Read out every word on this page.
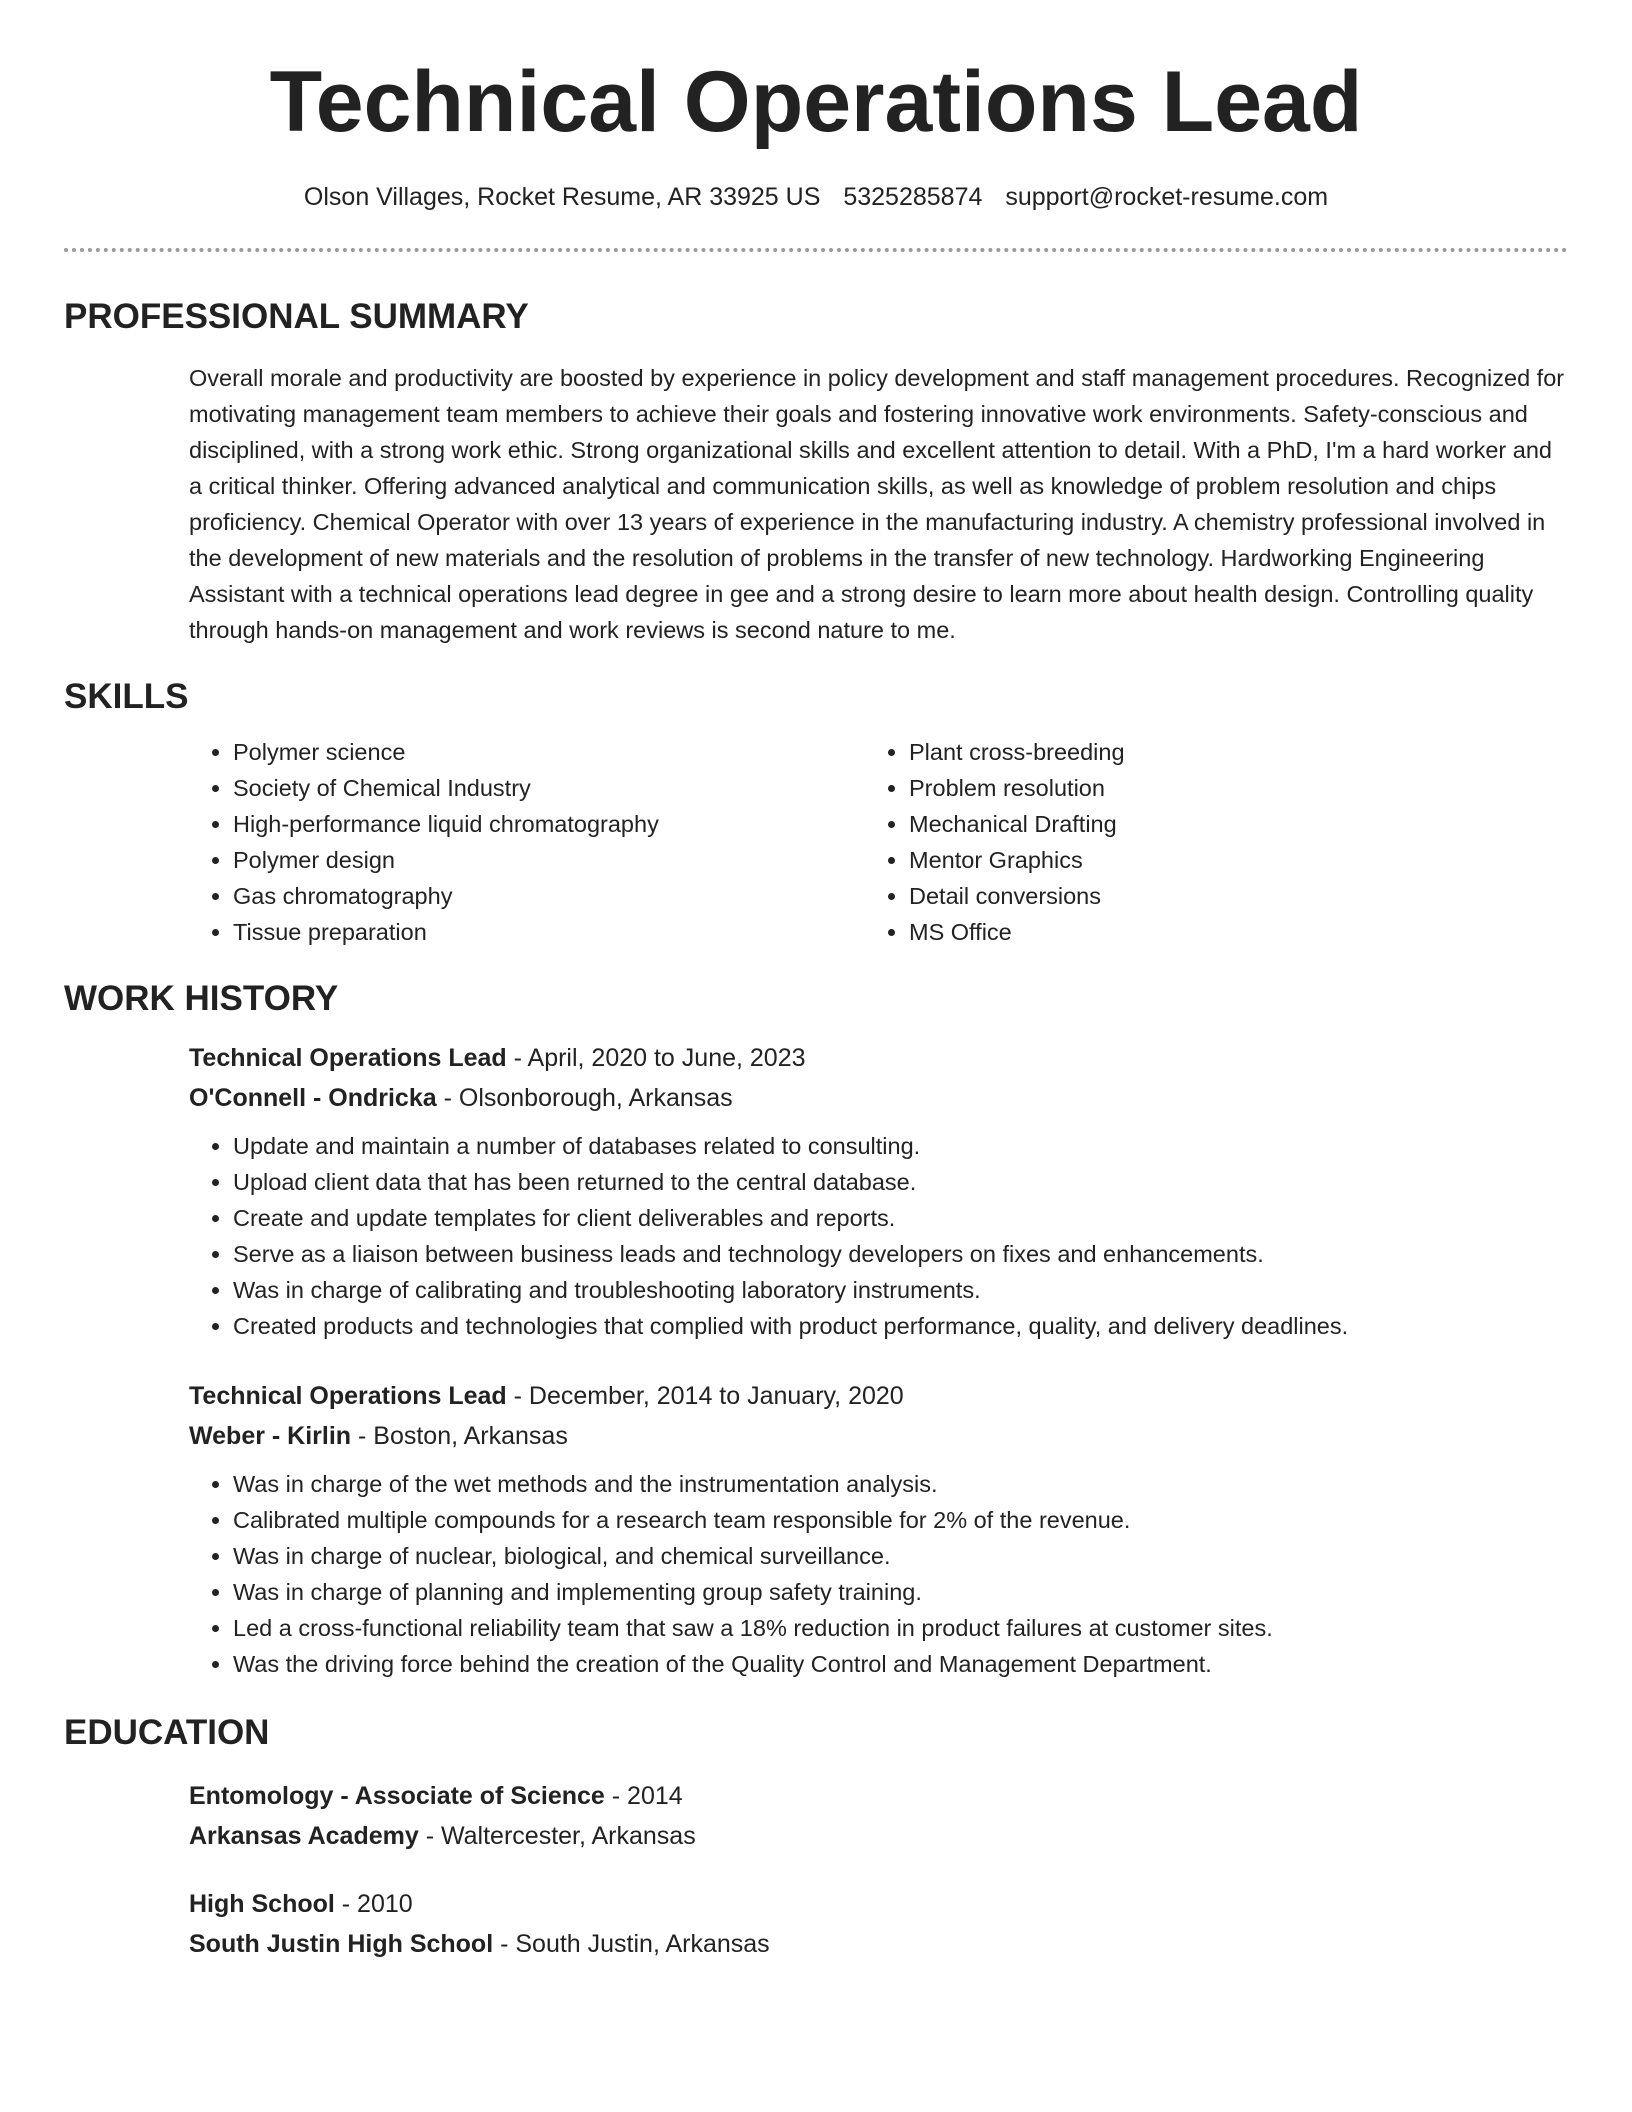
Technical Operations Lead
Olson Villages, Rocket Resume, AR 33925 US 5325285874 support@rocket-resume.com
PROFESSIONAL SUMMARY

Overall morale and productivity are boosted by experience in policy development and staff management procedures. Recognized for motivating management team members to achieve their goals and fostering innovative work environments. Safety-conscious and disciplined, with a strong work ethic. Strong organizational skills and excellent attention to detail. With a PhD, I'm a hard worker and a critical thinker. Offering advanced analytical and communication skills, as well as knowledge of problem resolution and chips proficiency. Chemical Operator with over 13 years of experience in the manufacturing industry. A chemistry professional involved in the development of new materials and the resolution of problems in the transfer of new technology. Hardworking Engineering Assistant with a technical operations lead degree in gee and a strong desire to learn more about health design. Controlling quality through hands-on management and work reviews is second nature to me.

SKILLS
• Polymer science
• Society of Chemical Industry
• High-performance liquid chromatography
• Polymer design
• Gas chromatography
• Tissue preparation
• Plant cross-breeding
• Problem resolution
• Mechanical Drafting
• Mentor Graphics
• Detail conversions
• MS Office
WORK HISTORY
Technical Operations Lead - April, 2020 to June, 2023
O'Connell - Ondricka - Olsonborough, Arkansas
• Update and maintain a number of databases related to consulting.
• Upload client data that has been returned to the central database.
• Create and update templates for client deliverables and reports.
• Serve as a liaison between business leads and technology developers on fixes and enhancements.
• Was in charge of calibrating and troubleshooting laboratory instruments.
• Created products and technologies that complied with product performance, quality, and delivery deadlines.
Technical Operations Lead - December, 2014 to January, 2020
Weber - Kirlin - Boston, Arkansas
• Was in charge of the wet methods and the instrumentation analysis.
• Calibrated multiple compounds for a research team responsible for 2% of the revenue.
• Was in charge of nuclear, biological, and chemical surveillance.
• Was in charge of planning and implementing group safety training.
• Led a cross-functional reliability team that saw a 18% reduction in product failures at customer sites.
• Was the driving force behind the creation of the Quality Control and Management Department.
EDUCATION
Entomology - Associate of Science - 2014
Arkansas Academy - Waltercester, Arkansas
High School - 2010
South Justin High School - South Justin, Arkansas
